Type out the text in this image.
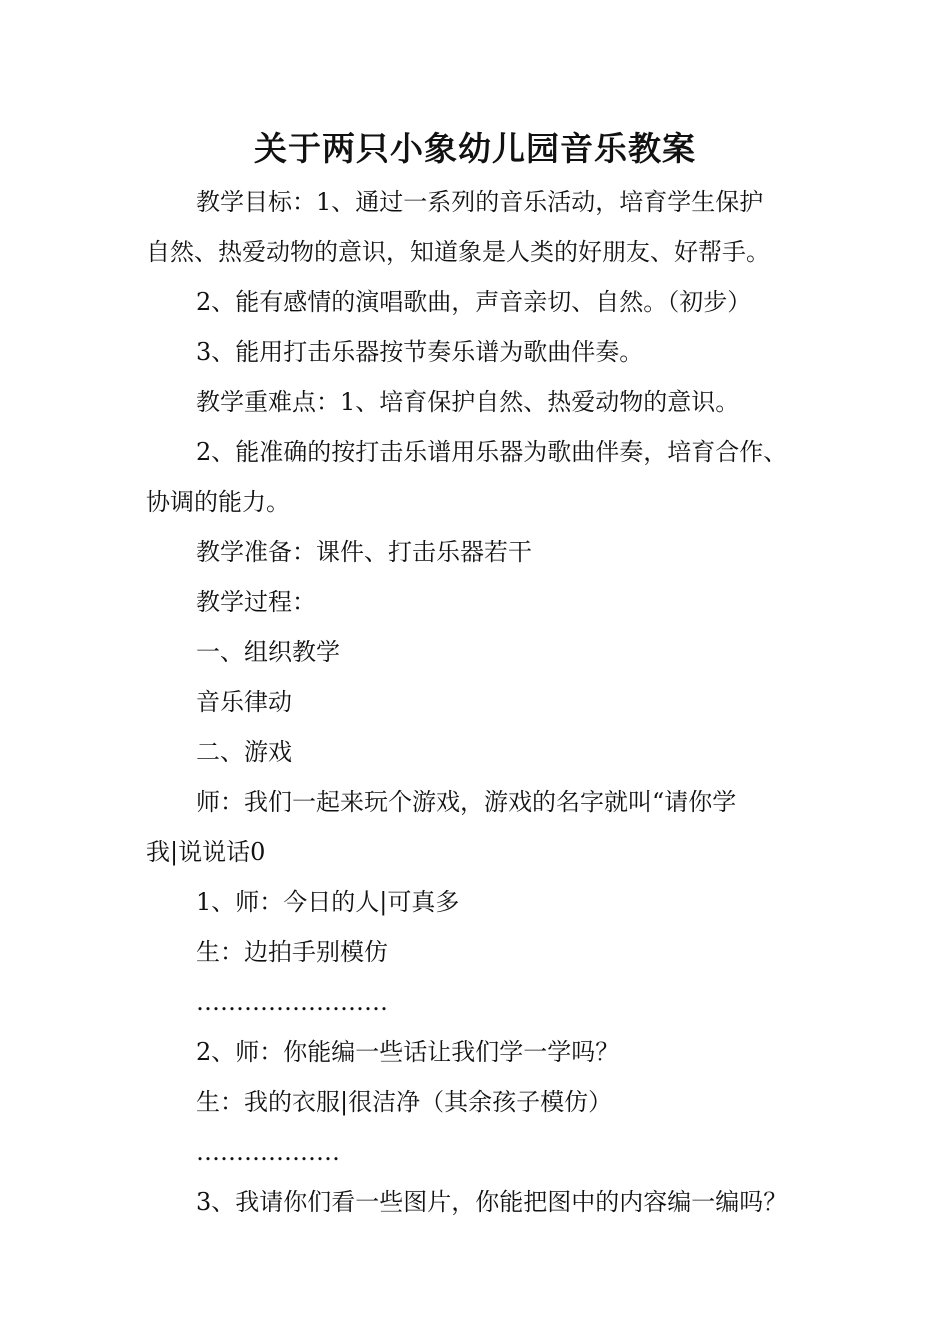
关于两只小象幼儿园音乐教案
教学目标：1、通过一系列的音乐活动，培育学生保护
自然、热爱动物的意识，知道象是人类的好朋友、好帮手。
2、能有感情的演唱歌曲，声音亲切、自然。（初步）
3、能用打击乐器按节奏乐谱为歌曲伴奏。
教学重难点：1、培育保护自然、热爱动物的意识。
2、能准确的按打击乐谱用乐器为歌曲伴奏，培育合作、
协调的能力。
教学准备：课件、打击乐器若干
教学过程：
一、组织教学
音乐律动
二、游戏
师：我们一起来玩个游戏，游戏的名字就叫“请你学
我|说说话0
1、师：今日的人|可真多
生：边拍手别模仿
……………………
2、师：你能编一些话让我们学一学吗？
生：我的衣服|很洁净（其余孩子模仿）
………………
3、我请你们看一些图片，你能把图中的内容编一编吗？
